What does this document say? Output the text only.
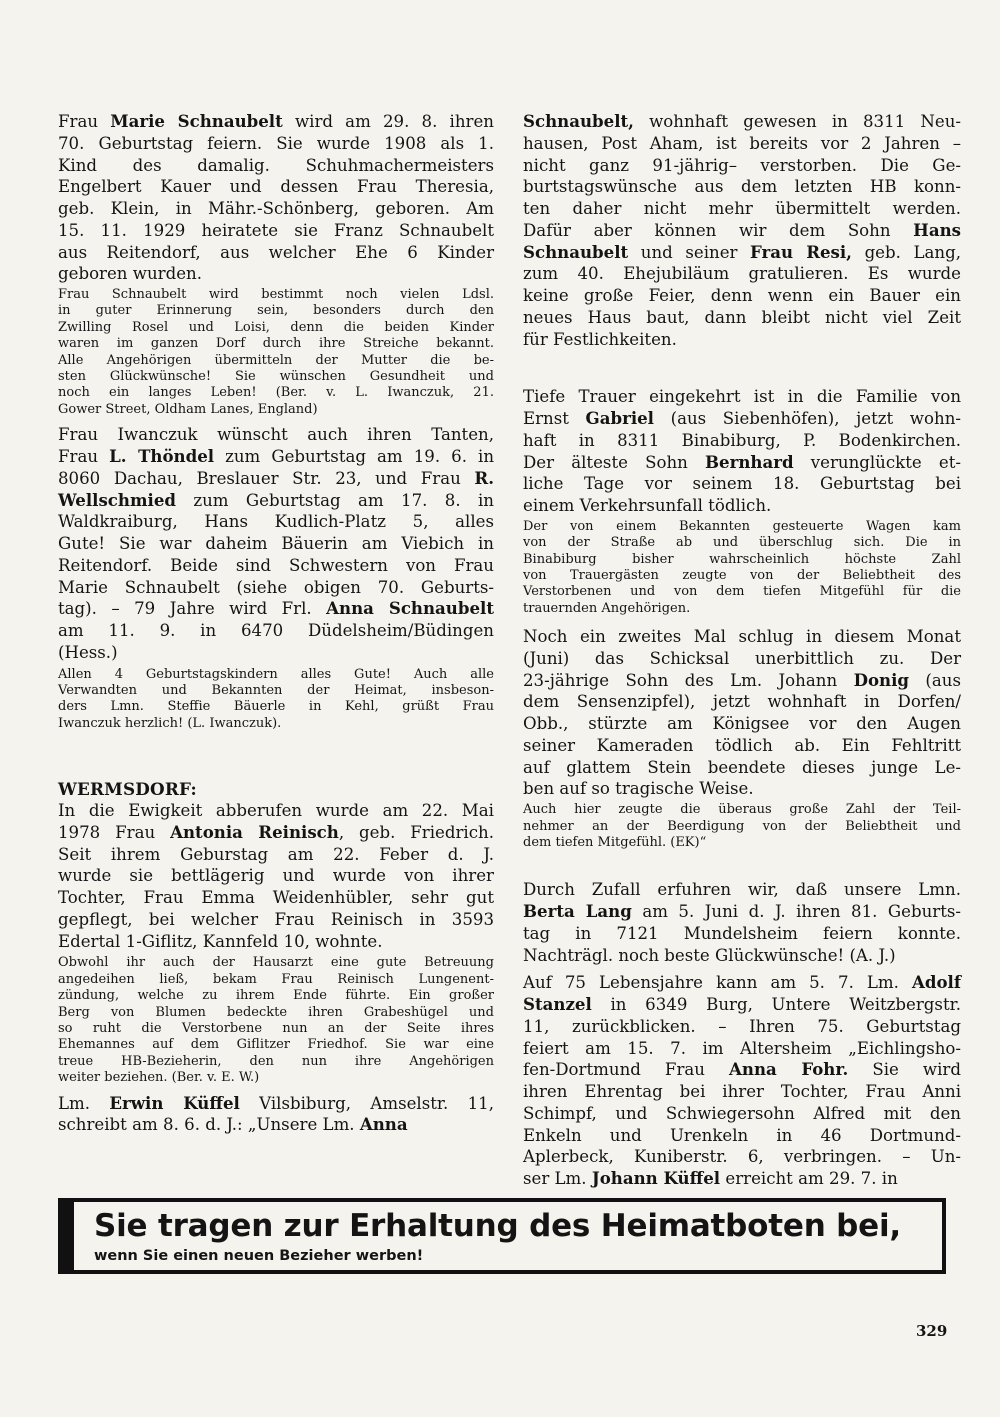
Frau Marie Schnaubelt wird am 29. 8. ihren
70. Geburtstag feiern. Sie wurde 1908 als 1.
Kind des damalig. Schuhmachermeisters
Engelbert Kauer und dessen Frau Theresia,
geb. Klein, in Mähr.-Schönberg, geboren. Am
15. 11. 1929 heiratete sie Franz Schnaubelt
aus Reitendorf, aus welcher Ehe 6 Kinder
geboren wurden.
Frau Schnaubelt wird bestimmt noch vielen Ldsl.
in guter Erinnerung sein, besonders durch den
Zwilling Rosel und Loisi, denn die beiden Kinder
waren im ganzen Dorf durch ihre Streiche bekannt.
Alle Angehörigen übermitteln der Mutter die be-
sten Glückwünsche! Sie wünschen Gesundheit und
noch ein langes Leben! (Ber. v. L. Iwanczuk, 21.
Gower Street, Oldham Lanes, England)
Frau Iwanczuk wünscht auch ihren Tanten,
Frau L. Thöndel zum Geburtstag am 19. 6. in
8060 Dachau, Breslauer Str. 23, und Frau R.
Wellschmied zum Geburtstag am 17. 8. in
Waldkraiburg, Hans Kudlich-Platz 5, alles
Gute! Sie war daheim Bäuerin am Viebich in
Reitendorf. Beide sind Schwestern von Frau
Marie Schnaubelt (siehe obigen 70. Geburts-
tag). – 79 Jahre wird Frl. Anna Schnaubelt
am 11. 9. in 6470 Düdelsheim/Büdingen
(Hess.)
Allen 4 Geburtstagskindern alles Gute! Auch alle
Verwandten und Bekannten der Heimat, insbeson-
ders Lmn. Steffie Bäuerle in Kehl, grüßt Frau
Iwanczuk herzlich! (L. Iwanczuk).
WERMSDORF:
In die Ewigkeit abberufen wurde am 22. Mai
1978 Frau Antonia Reinisch, geb. Friedrich.
Seit ihrem Geburstag am 22. Feber d. J.
wurde sie bettlägerig und wurde von ihrer
Tochter, Frau Emma Weidenhübler, sehr gut
gepflegt, bei welcher Frau Reinisch in 3593
Edertal 1-Giflitz, Kannfeld 10, wohnte.
Obwohl ihr auch der Hausarzt eine gute Betreuung
angedeihen ließ, bekam Frau Reinisch Lungenent-
zündung, welche zu ihrem Ende führte. Ein großer
Berg von Blumen bedeckte ihren Grabeshügel und
so ruht die Verstorbene nun an der Seite ihres
Ehemannes auf dem Giflitzer Friedhof. Sie war eine
treue HB-Bezieherin, den nun ihre Angehörigen
weiter beziehen. (Ber. v. E. W.)
Lm. Erwin Küffel Vilsbiburg, Amselstr. 11,
schreibt am 8. 6. d. J.: „Unsere Lm. Anna
Schnaubelt, wohnhaft gewesen in 8311 Neu-
hausen, Post Aham, ist bereits vor 2 Jahren –
nicht ganz 91-jährig– verstorben. Die Ge-
burtstagswünsche aus dem letzten HB konn-
ten daher nicht mehr übermittelt werden.
Dafür aber können wir dem Sohn Hans
Schnaubelt und seiner Frau Resi, geb. Lang,
zum 40. Ehejubiläum gratulieren. Es wurde
keine große Feier, denn wenn ein Bauer ein
neues Haus baut, dann bleibt nicht viel Zeit
für Festlichkeiten.
Tiefe Trauer eingekehrt ist in die Familie von
Ernst Gabriel (aus Siebenhöfen), jetzt wohn-
haft in 8311 Binabiburg, P. Bodenkirchen.
Der älteste Sohn Bernhard verunglückte et-
liche Tage vor seinem 18. Geburtstag bei
einem Verkehrsunfall tödlich.
Der von einem Bekannten gesteuerte Wagen kam
von der Straße ab und überschlug sich. Die in
Binabiburg bisher wahrscheinlich höchste Zahl
von Trauergästen zeugte von der Beliebtheit des
Verstorbenen und von dem tiefen Mitgefühl für die
trauernden Angehörigen.
Noch ein zweites Mal schlug in diesem Monat
(Juni) das Schicksal unerbittlich zu. Der
23-jährige Sohn des Lm. Johann Donig (aus
dem Sensenzipfel), jetzt wohnhaft in Dorfen/
Obb., stürzte am Königsee vor den Augen
seiner Kameraden tödlich ab. Ein Fehltritt
auf glattem Stein beendete dieses junge Le-
ben auf so tragische Weise.
Auch hier zeugte die überaus große Zahl der Teil-
nehmer an der Beerdigung von der Beliebtheit und
dem tiefen Mitgefühl. (EK)“
Durch Zufall erfuhren wir, daß unsere Lmn.
Berta Lang am 5. Juni d. J. ihren 81. Geburts-
tag in 7121 Mundelsheim feiern konnte.
Nachträgl. noch beste Glückwünsche! (A. J.)
Auf 75 Lebensjahre kann am 5. 7. Lm. Adolf
Stanzel in 6349 Burg, Untere Weitzbergstr.
11, zurückblicken. – Ihren 75. Geburtstag
feiert am 15. 7. im Altersheim „Eichlingsho-
fen-Dortmund Frau Anna Fohr. Sie wird
ihren Ehrentag bei ihrer Tochter, Frau Anni
Schimpf, und Schwiegersohn Alfred mit den
Enkeln und Urenkeln in 46 Dortmund-
Aplerbeck, Kuniberstr. 6, verbringen. – Un-
ser Lm. Johann Küffel erreicht am 29. 7. in
Sie tragen zur Erhaltung des Heimatboten bei,
wenn Sie einen neuen Bezieher werben!
329
